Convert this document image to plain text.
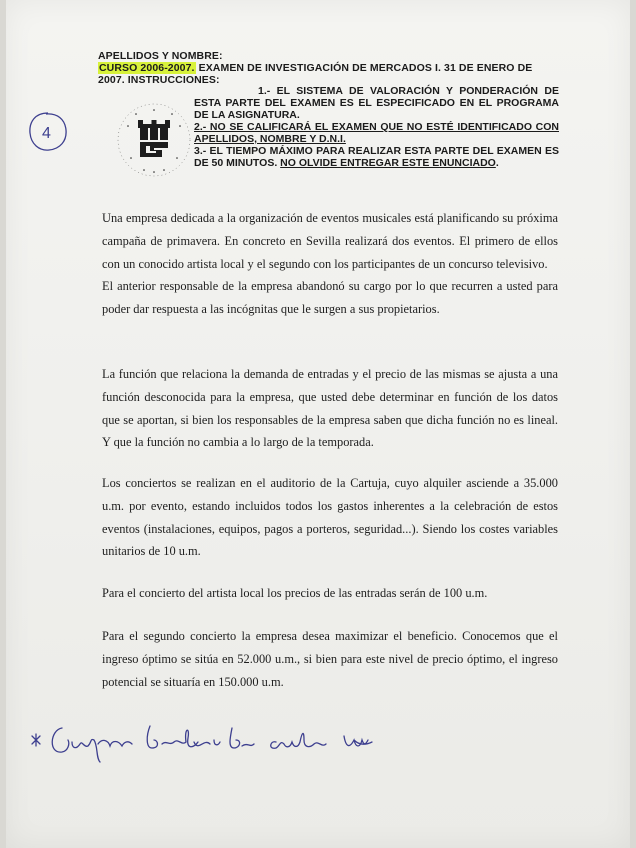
APELLIDOS Y NOMBRE:
CURSO 2006-2007. EXAMEN DE INVESTIGACIÓN DE MERCADOS I. 31 DE ENERO DE
2007. INSTRUCCIONES:
4

1.- EL SISTEMA DE VALORACIÓN Y PONDERACIÓN DE ESTA PARTE DEL EXAMEN ES EL ESPECIFICADO EN EL PROGRAMA DE LA ASIGNATURA.

2.- NO SE CALIFICARÁ EL EXAMEN QUE NO ESTÉ IDENTIFICADO CON APELLIDOS, NOMBRE Y D.N.I.

3.- EL TIEMPO MÁXIMO PARA REALIZAR ESTA PARTE DEL EXAMEN ES DE 50 MINUTOS. NO OLVIDE ENTREGAR ESTE ENUNCIADO.

Una empresa dedicada a la organización de eventos musicales está planificando su próxima campaña de primavera. En concreto en Sevilla realizará dos eventos. El primero de ellos con un conocido artista local y el segundo con los participantes de un concurso televisivo.

El anterior responsable de la empresa abandonó su cargo por lo que recurren a usted para poder dar respuesta a las incógnitas que le surgen a sus propietarios.

La función que relaciona la demanda de entradas y el precio de las mismas se ajusta a una función desconocida para la empresa, que usted debe determinar en función de los datos que se aportan, si bien los responsables de la empresa saben que dicha función no es lineal. Y que la función no cambia a lo largo de la temporada.

Los conciertos se realizan en el auditorio de la Cartuja, cuyo alquiler asciende a 35.000 u.m. por evento, estando incluidos todos los gastos inherentes a la celebración de estos eventos (instalaciones, equipos, pagos a porteros, seguridad...). Siendo los costes variables unitarios de 10 u.m.

Para el concierto del artista local los precios de las entradas serán de 100 u.m.

Para el segundo concierto la empresa desea maximizar el beneficio. Conocemos que el ingreso óptimo se sitúa en 52.000 u.m., si bien para este nivel de precio óptimo, el ingreso potencial se situaría en 150.000 u.m.
